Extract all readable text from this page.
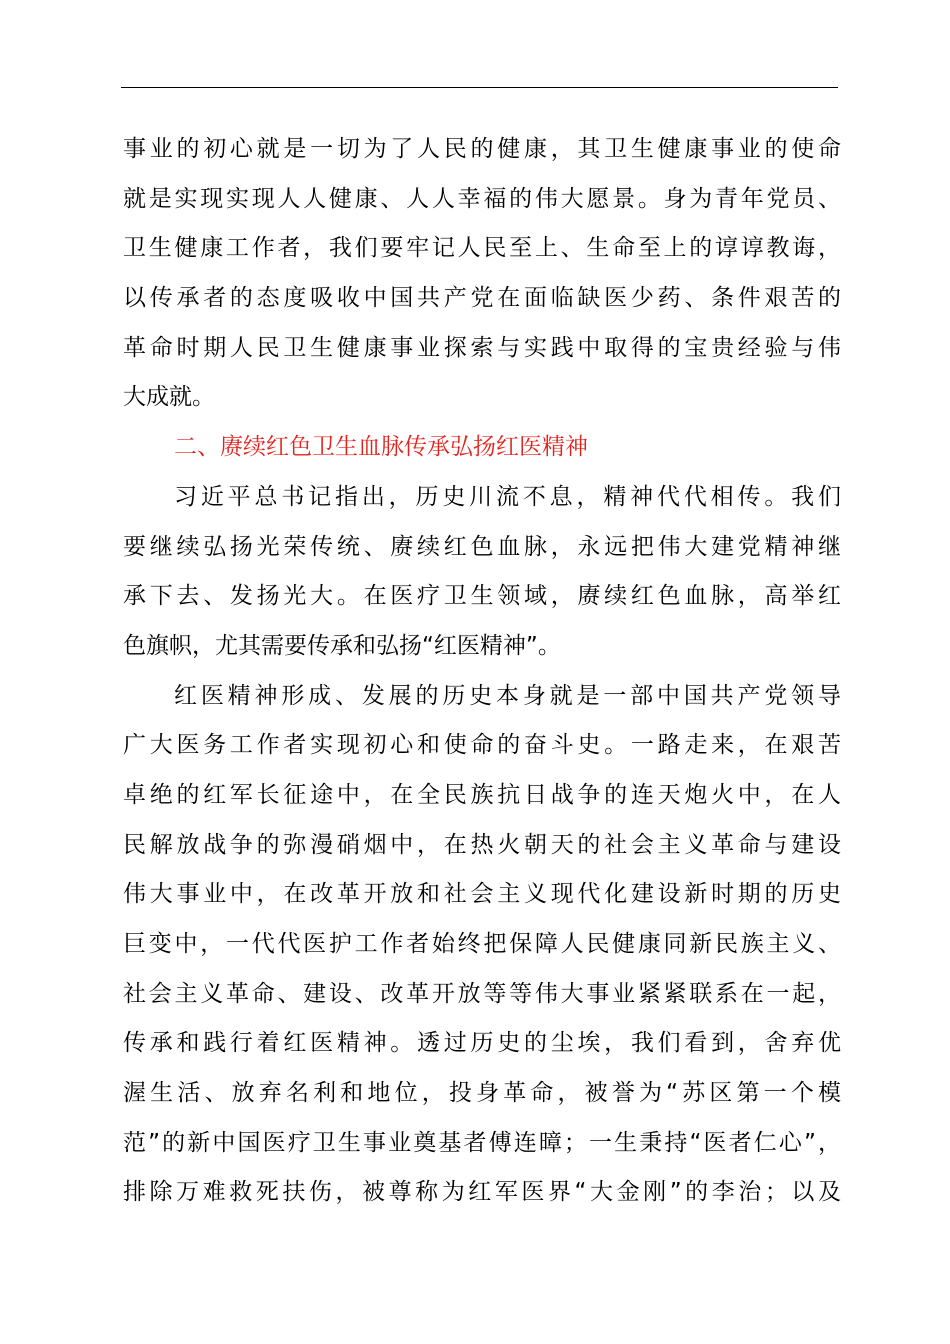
事业的初心就是一切为了人民的健康，其卫生健康事业的使命
就是实现实现人人健康、人人幸福的伟大愿景。身为青年党员、
卫生健康工作者，我们要牢记人民至上、生命至上的谆谆教诲，
以传承者的态度吸收中国共产党在面临缺医少药、条件艰苦的
革命时期人民卫生健康事业探索与实践中取得的宝贵经验与伟
大成就。
二、赓续红色卫生血脉传承弘扬红医精神
习近平总书记指出，历史川流不息，精神代代相传。我们
要继续弘扬光荣传统、赓续红色血脉，永远把伟大建党精神继
承下去、发扬光大。在医疗卫生领域，赓续红色血脉，高举红
色旗帜，尤其需要传承和弘扬“红医精神”。
红医精神形成、发展的历史本身就是一部中国共产党领导
广大医务工作者实现初心和使命的奋斗史。一路走来，在艰苦
卓绝的红军长征途中，在全民族抗日战争的连天炮火中，在人
民解放战争的弥漫硝烟中，在热火朝天的社会主义革命与建设
伟大事业中，在改革开放和社会主义现代化建设新时期的历史
巨变中，一代代医护工作者始终把保障人民健康同新民族主义、
社会主义革命、建设、改革开放等等伟大事业紧紧联系在一起，
传承和践行着红医精神。透过历史的尘埃，我们看到，舍弃优
渥生活、放弃名利和地位，投身革命，被誉为“苏区第一个模
范”的新中国医疗卫生事业奠基者傅连暲；一生秉持“医者仁心”，
排除万难救死扶伤，被尊称为红军医界“大金刚”的李治；以及
